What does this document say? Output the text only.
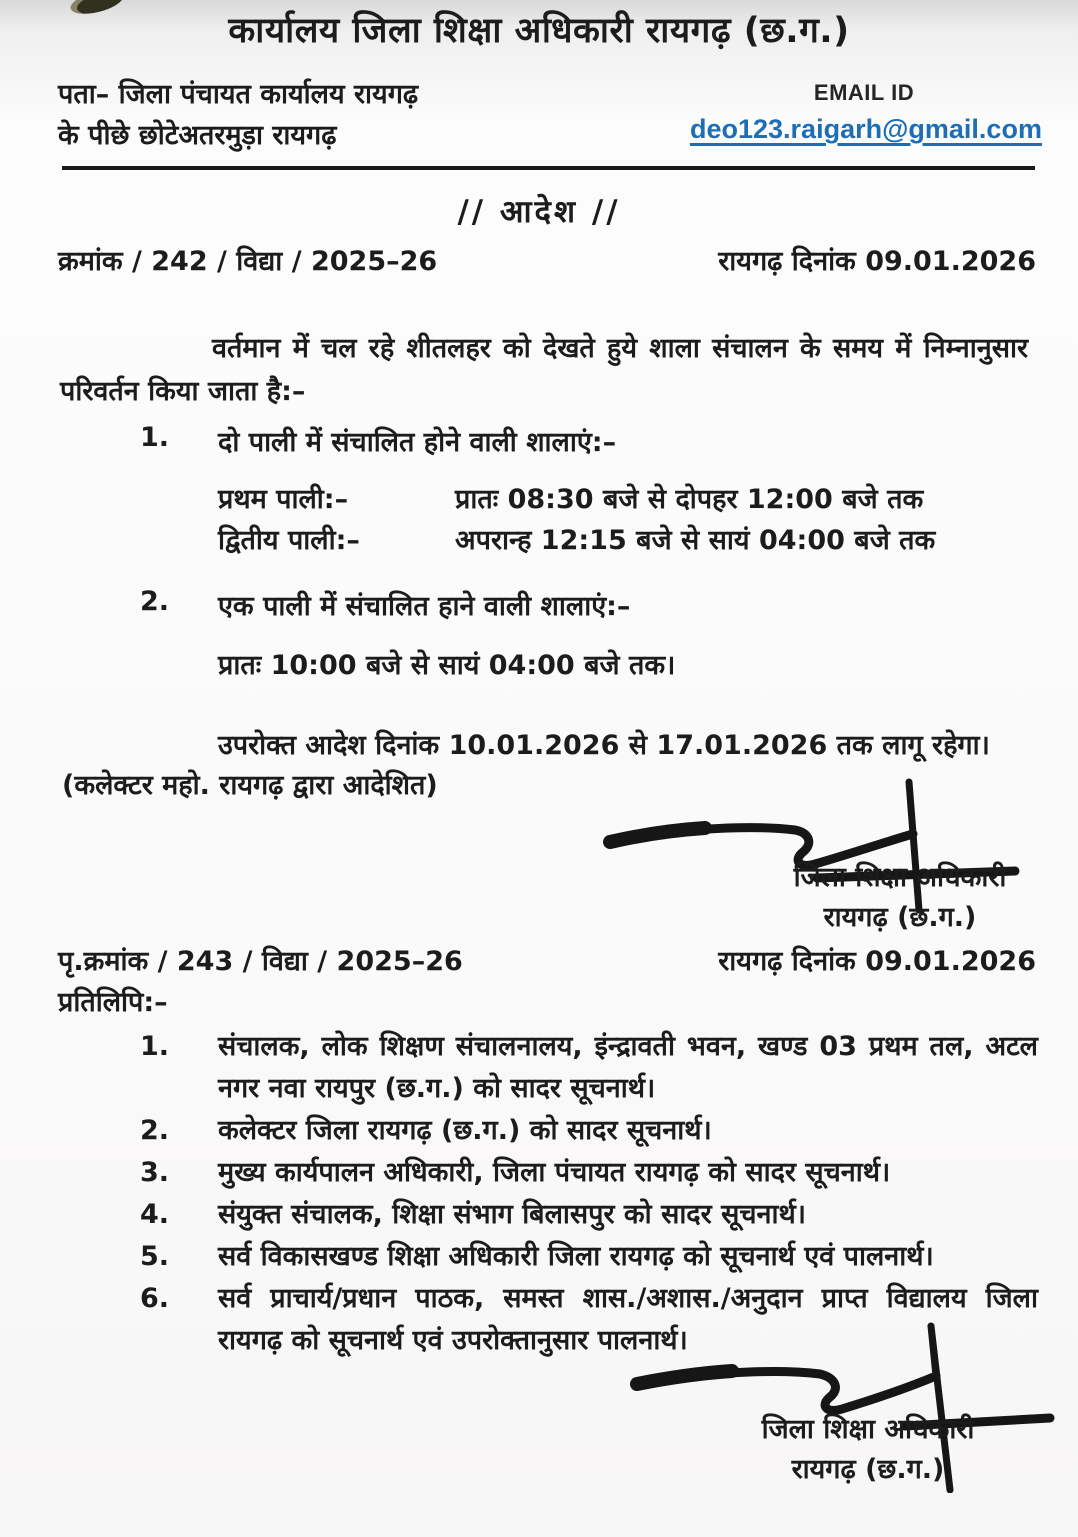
कार्यालय जिला शिक्षा अधिकारी रायगढ़ (छ.ग.)
पता– जिला पंचायत कार्यालय रायगढ़
के पीछे छोटेअतरमुड़ा रायगढ़
EMAIL ID
deo123.raigarh@gmail.com
// आदेश //
क्रमांक / 242 / विद्या / 2025–26	रायगढ़ दिनांक 09.01.2026
वर्तमान में चल रहे शीतलहर को देखते हुये शाला संचालन के समय में निम्नानुसार परिवर्तन किया जाता है:–
1.	दो पाली में संचालित होने वाली शालाएं:–
प्रथम पाली:–	प्रातः 08:30 बजे से दोपहर 12:00 बजे तक
द्वितीय पाली:–	अपरान्ह 12:15 बजे से सायं 04:00 बजे तक
2.	एक पाली में संचालित हाने वाली शालाएं:–
प्रातः 10:00 बजे से सायं 04:00 बजे तक।
उपरोक्त आदेश दिनांक 10.01.2026 से 17.01.2026 तक लागू रहेगा।
(कलेक्टर महो. रायगढ़ द्वारा आदेशित)
जिला शिक्षा अधिकारी
रायगढ़ (छ.ग.)
पृ.क्रमांक / 243 / विद्या / 2025–26	रायगढ़ दिनांक 09.01.2026
प्रतिलिपि:–
1.	संचालक, लोक शिक्षण संचालनालय, इंन्द्रावती भवन, खण्ड 03 प्रथम तल, अटल नगर नवा रायपुर (छ.ग.) को सादर सूचनार्थ।
2.	कलेक्टर जिला रायगढ़ (छ.ग.) को सादर सूचनार्थ।
3.	मुख्य कार्यपालन अधिकारी, जिला पंचायत रायगढ़ को सादर सूचनार्थ।
4.	संयुक्त संचालक, शिक्षा संभाग बिलासपुर को सादर सूचनार्थ।
5.	सर्व विकासखण्ड शिक्षा अधिकारी जिला रायगढ़ को सूचनार्थ एवं पालनार्थ।
6.	सर्व प्राचार्य/प्रधान पाठक, समस्त शास./अशास./अनुदान प्राप्त विद्यालय जिला रायगढ़ को सूचनार्थ एवं उपरोक्तानुसार पालनार्थ।
जिला शिक्षा अधिकारी
रायगढ़ (छ.ग.)
